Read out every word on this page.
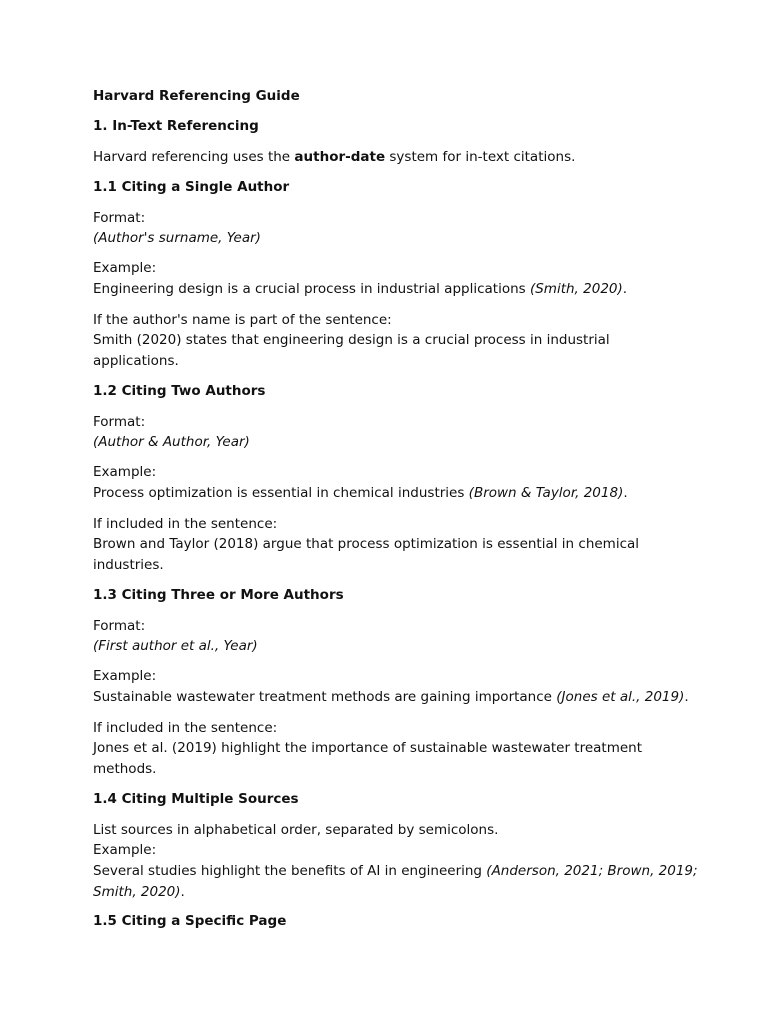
Harvard Referencing Guide
1. In-Text Referencing
Harvard referencing uses the author-date system for in-text citations.
1.1 Citing a Single Author
Format:
(Author's surname, Year)
Example:
Engineering design is a crucial process in industrial applications (Smith, 2020).
If the author's name is part of the sentence:
Smith (2020) states that engineering design is a crucial process in industrial
applications.
1.2 Citing Two Authors
Format:
(Author & Author, Year)
Example:
Process optimization is essential in chemical industries (Brown & Taylor, 2018).
If included in the sentence:
Brown and Taylor (2018) argue that process optimization is essential in chemical
industries.
1.3 Citing Three or More Authors
Format:
(First author et al., Year)
Example:
Sustainable wastewater treatment methods are gaining importance (Jones et al., 2019).
If included in the sentence:
Jones et al. (2019) highlight the importance of sustainable wastewater treatment
methods.
1.4 Citing Multiple Sources
List sources in alphabetical order, separated by semicolons.
Example:
Several studies highlight the benefits of AI in engineering (Anderson, 2021; Brown, 2019;
Smith, 2020).
1.5 Citing a Specific Page
